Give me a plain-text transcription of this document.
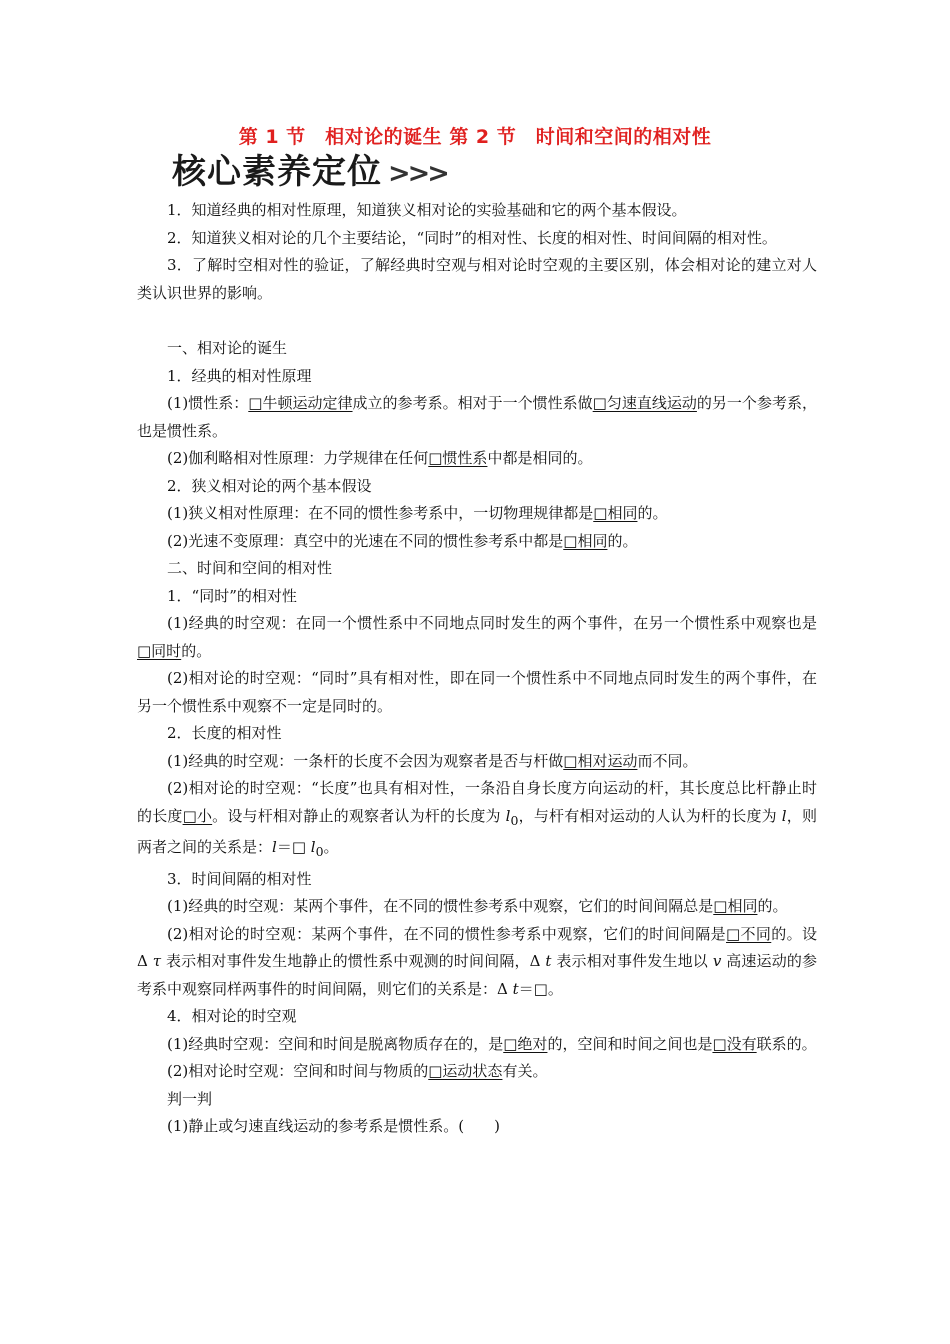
第 1 节　相对论的诞生 第 2 节　时间和空间的相对性
核心素养定位 >>>

1．知道经典的相对性原理，知道狭义相对论的实验基础和它的两个基本假设。

2．知道狭义相对论的几个主要结论，“同时”的相对性、长度的相对性、时间间隔的相对性。

3．了解时空相对性的验证，了解经典时空观与相对论时空观的主要区别，体会相对论的建立对人类认识世界的影响。

一、相对论的诞生

1．经典的相对性原理

(1)惯性系：□牛顿运动定律成立的参考系。相对于一个惯性系做□匀速直线运动的另一个参考系，也是惯性系。

(2)伽利略相对性原理：力学规律在任何□惯性系中都是相同的。

2．狭义相对论的两个基本假设

(1)狭义相对性原理：在不同的惯性参考系中，一切物理规律都是□相同的。

(2)光速不变原理：真空中的光速在不同的惯性参考系中都是□相同的。

二、时间和空间的相对性

1．“同时”的相对性

(1)经典的时空观：在同一个惯性系中不同地点同时发生的两个事件，在另一个惯性系中观察也是□同时的。

(2)相对论的时空观：“同时”具有相对性，即在同一个惯性系中不同地点同时发生的两个事件，在另一个惯性系中观察不一定是同时的。

2．长度的相对性

(1)经典的时空观：一条杆的长度不会因为观察者是否与杆做□相对运动而不同。

(2)相对论的时空观：“长度”也具有相对性，一条沿自身长度方向运动的杆，其长度总比杆静止时的长度□小。设与杆相对静止的观察者认为杆的长度为 $l_0$，与杆有相对运动的人认为杆的长度为 l，则两者之间的关系是：l＝□ $l_0$。

3．时间间隔的相对性

(1)经典的时空观：某两个事件，在不同的惯性参考系中观察，它们的时间间隔总是□相同的。

(2)相对论的时空观：某两个事件，在不同的惯性参考系中观察，它们的时间间隔是□不同的。设 Δ τ 表示相对事件发生地静止的惯性系中观测的时间间隔，Δ t 表示相对事件发生地以 v 高速运动的参考系中观察同样两事件的时间间隔，则它们的关系是：Δ t＝□。

4．相对论的时空观

(1)经典时空观：空间和时间是脱离物质存在的，是□绝对的，空间和时间之间也是□没有联系的。

(2)相对论时空观：空间和时间与物质的□运动状态有关。

判一判

(1)静止或匀速直线运动的参考系是惯性系。(　　)
